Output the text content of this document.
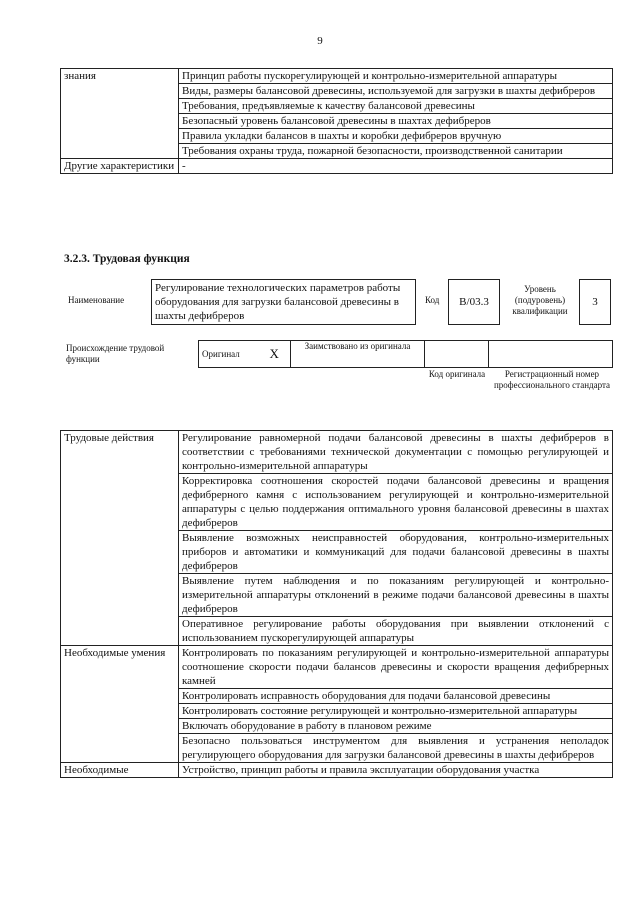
9
знания	Принцип работы пускорегулирующей и контрольно-измерительной аппаратуры
	Виды, размеры балансовой древесины, используемой для загрузки в шахты дефибреров
	Требования, предъявляемые к качеству балансовой древесины
	Безопасный уровень балансовой древесины в шахтах дефибреров
	Правила укладки балансов в шахты и коробки дефибреров вручную
	Требования охраны труда, пожарной безопасности, производственной санитарии
Другие характеристики	-
3.2.3. Трудовая функция
Наименование
Регулирование технологических параметров работы оборудования для загрузки балансовой древесины в шахты дефибреров
Код	В/03.3
Уровень (подуровень) квалификации
3
Происхождение трудовой функции
Оригинал	X	Заимствовано из оригинала		
Код оригинала	Регистрационный номер профессионального стандарта
Трудовые действия	Регулирование равномерной подачи балансовой древесины в шахты дефибреров в соответствии с требованиями технической документации с помощью регулирующей и контрольно-измерительной аппаратуры
	Корректировка соотношения скоростей подачи балансовой древесины и вращения дефибрерного камня с использованием регулирующей и контрольно-измерительной аппаратуры с целью поддержания оптимального уровня балансовой древесины в шахтах дефибреров
	Выявление возможных неисправностей оборудования, контрольно-измерительных приборов и автоматики и коммуникаций для подачи балансовой древесины в шахты дефибреров
	Выявление путем наблюдения и по показаниям регулирующей и контрольно-измерительной аппаратуры отклонений в режиме подачи балансовой древесины в шахты дефибреров
	Оперативное регулирование работы оборудования при выявлении отклонений с использованием пускорегулирующей аппаратуры
Необходимые умения	Контролировать по показаниям регулирующей и контрольно-измерительной аппаратуры соотношение скорости подачи балансов древесины и скорости вращения дефибрерных камней
	Контролировать исправность оборудования для подачи балансовой древесины
	Контролировать состояние регулирующей и контрольно-измерительной аппаратуры
	Включать оборудование в работу в плановом режиме
	Безопасно пользоваться инструментом для выявления и устранения неполадок регулирующего оборудования для загрузки балансовой древесины в шахты дефибреров
Необходимые	Устройство, принцип работы и правила эксплуатации оборудования участка
